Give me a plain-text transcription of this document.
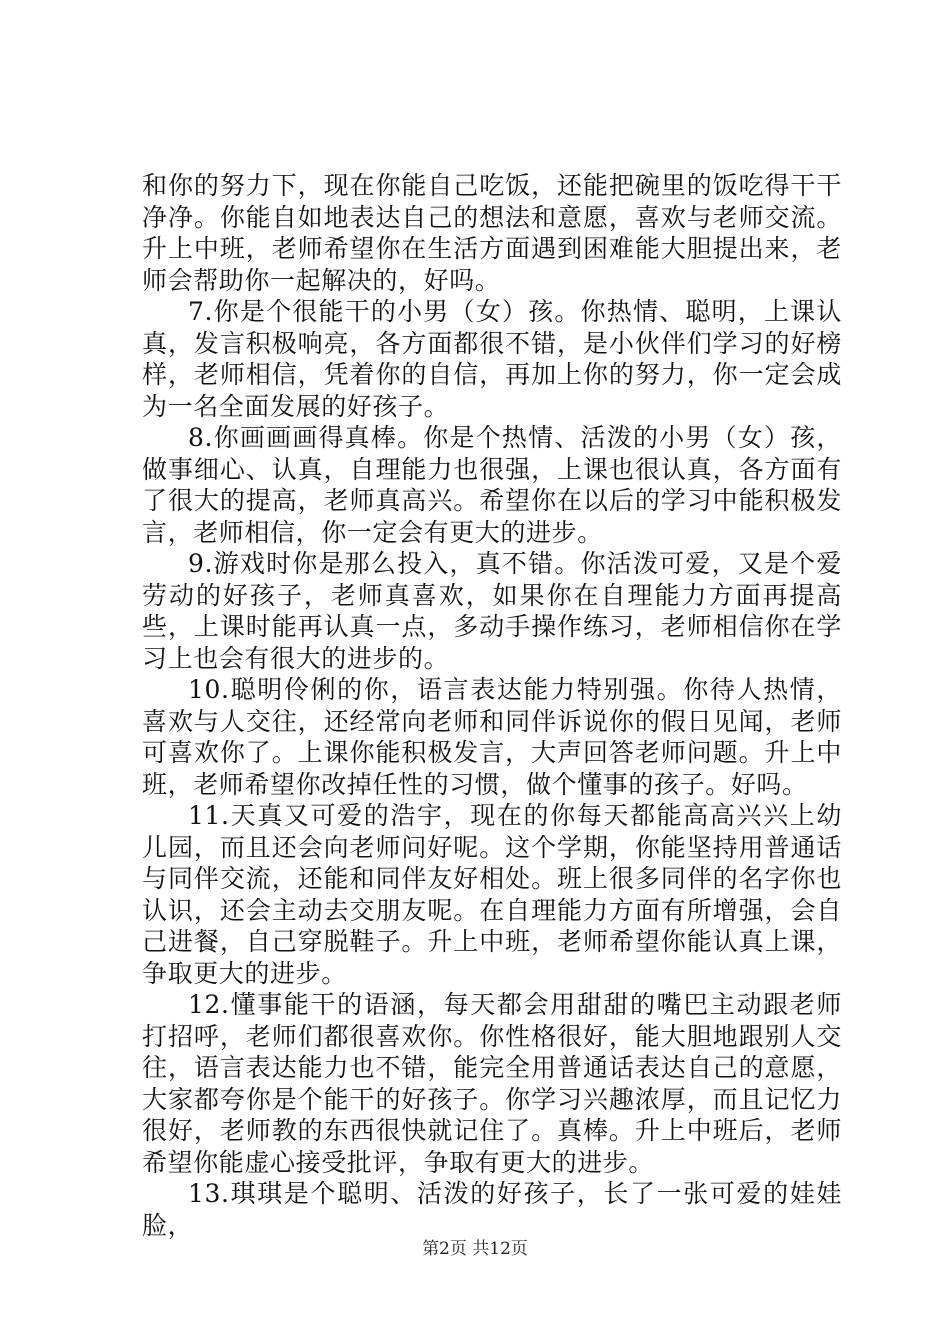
和你的努力下，现在你能自己吃饭，还能把碗里的饭吃得干干净净。你能自如地表达自己的想法和意愿，喜欢与老师交流。升上中班，老师希望你在生活方面遇到困难能大胆提出来，老师会帮助你一起解决的，好吗。

7.你是个很能干的小男（女）孩。你热情、聪明，上课认真，发言积极响亮，各方面都很不错，是小伙伴们学习的好榜样，老师相信，凭着你的自信，再加上你的努力，你一定会成为一名全面发展的好孩子。

8.你画画画得真棒。你是个热情、活泼的小男（女）孩，做事细心、认真，自理能力也很强，上课也很认真，各方面有了很大的提高，老师真高兴。希望你在以后的学习中能积极发言，老师相信，你一定会有更大的进步。

9.游戏时你是那么投入，真不错。你活泼可爱，又是个爱劳动的好孩子，老师真喜欢，如果你在自理能力方面再提高些，上课时能再认真一点，多动手操作练习，老师相信你在学习上也会有很大的进步的。

10.聪明伶俐的你，语言表达能力特别强。你待人热情，喜欢与人交往，还经常向老师和同伴诉说你的假日见闻，老师可喜欢你了。上课你能积极发言，大声回答老师问题。升上中班，老师希望你改掉任性的习惯，做个懂事的孩子。好吗。

11.天真又可爱的浩宇，现在的你每天都能高高兴兴上幼儿园，而且还会向老师问好呢。这个学期，你能坚持用普通话与同伴交流，还能和同伴友好相处。班上很多同伴的名字你也认识，还会主动去交朋友呢。在自理能力方面有所增强，会自己进餐，自己穿脱鞋子。升上中班，老师希望你能认真上课，争取更大的进步。

12.懂事能干的语涵，每天都会用甜甜的嘴巴主动跟老师打招呼，老师们都很喜欢你。你性格很好，能大胆地跟别人交往，语言表达能力也不错，能完全用普通话表达自己的意愿，大家都夸你是个能干的好孩子。你学习兴趣浓厚，而且记忆力很好，老师教的东西很快就记住了。真棒。升上中班后，老师希望你能虚心接受批评，争取有更大的进步。

13.琪琪是个聪明、活泼的好孩子，长了一张可爱的娃娃脸，

第2页 共12页
